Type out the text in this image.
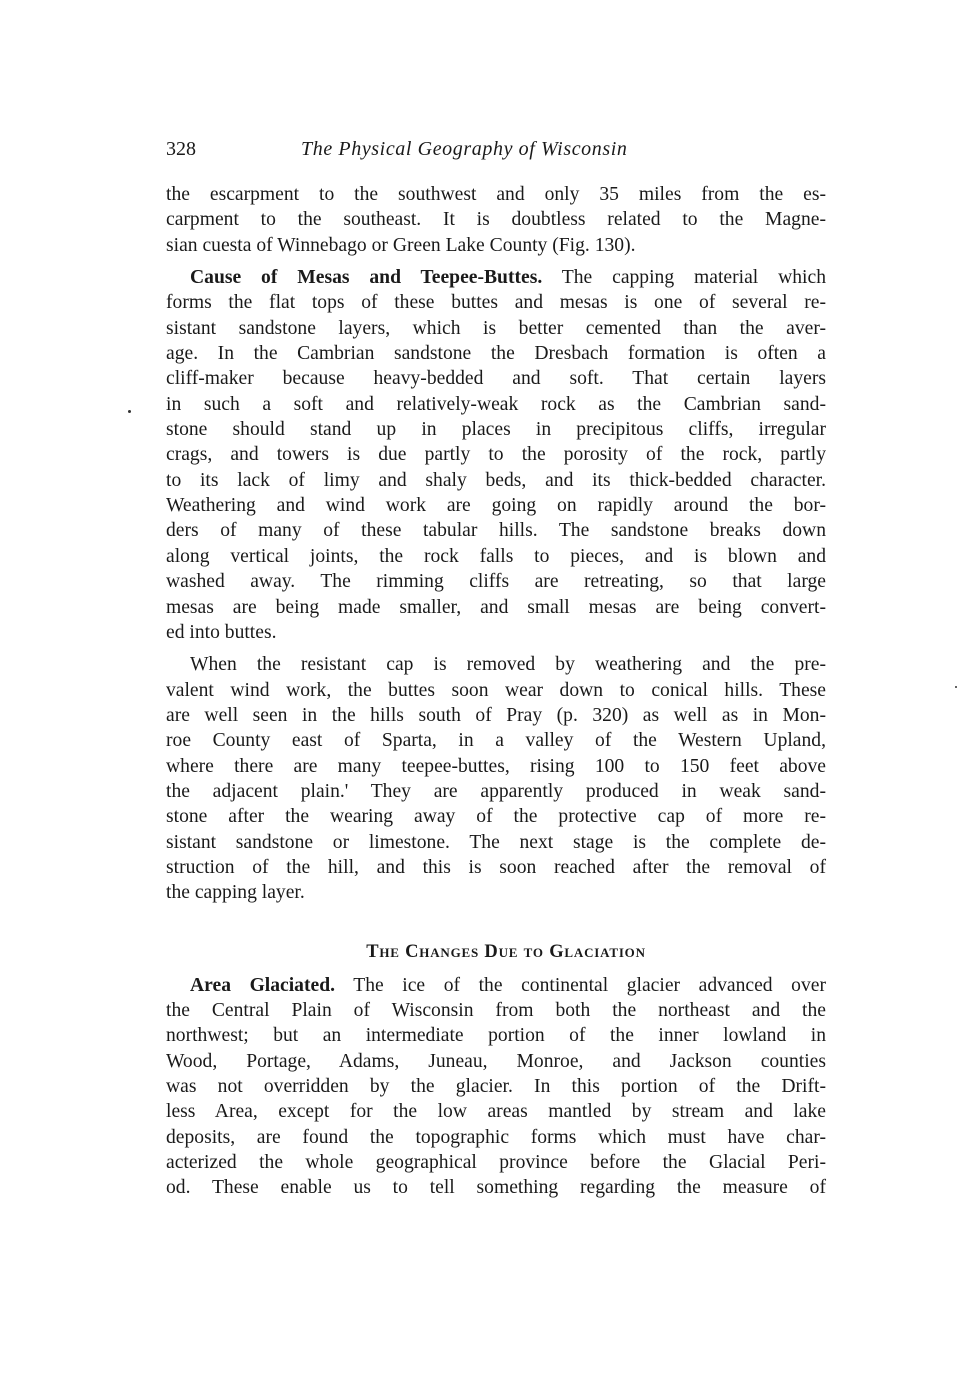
328	The Physical Geography of Wisconsin

the escarpment to the southwest and only 35 miles from the es-

carpment to the southeast. It is doubtless related to the Magne-

sian cuesta of Winnebago or Green Lake County (Fig. 130).

Cause of Mesas and Teepee-Buttes. The capping material which

forms the flat tops of these buttes and mesas is one of several re-

sistant sandstone layers, which is better cemented than the aver-

age. In the Cambrian sandstone the Dresbach formation is often a

cliff-maker because heavy-bedded and soft. That certain layers

in such a soft and relatively-weak rock as the Cambrian sand-

stone should stand up in places in precipitous cliffs, irregular

crags, and towers is due partly to the porosity of the rock, partly

to its lack of limy and shaly beds, and its thick-bedded character.

Weathering and wind work are going on rapidly around the bor-

ders of many of these tabular hills. The sandstone breaks down

along vertical joints, the rock falls to pieces, and is blown and

washed away. The rimming cliffs are retreating, so that large

mesas are being made smaller, and small mesas are being convert-

ed into buttes.

When the resistant cap is removed by weathering and the pre-

valent wind work, the buttes soon wear down to conical hills. These

are well seen in the hills south of Pray (p. 320) as well as in Mon-

roe County east of Sparta, in a valley of the Western Upland,

where there are many teepee-buttes, rising 100 to 150 feet above

the adjacent plain.' They are apparently produced in weak sand-

stone after the wearing away of the protective cap of more re-

sistant sandstone or limestone. The next stage is the complete de-

struction of the hill, and this is soon reached after the removal of

the capping layer.

The Changes Due to Glaciation

Area Glaciated. The ice of the continental glacier advanced over

the Central Plain of Wisconsin from both the northeast and the

northwest; but an intermediate portion of the inner lowland in

Wood, Portage, Adams, Juneau, Monroe, and Jackson counties

was not overridden by the glacier. In this portion of the Drift-

less Area, except for the low areas mantled by stream and lake

deposits, are found the topographic forms which must have char-

acterized the whole geographical province before the Glacial Peri-

od. These enable us to tell something regarding the measure of
